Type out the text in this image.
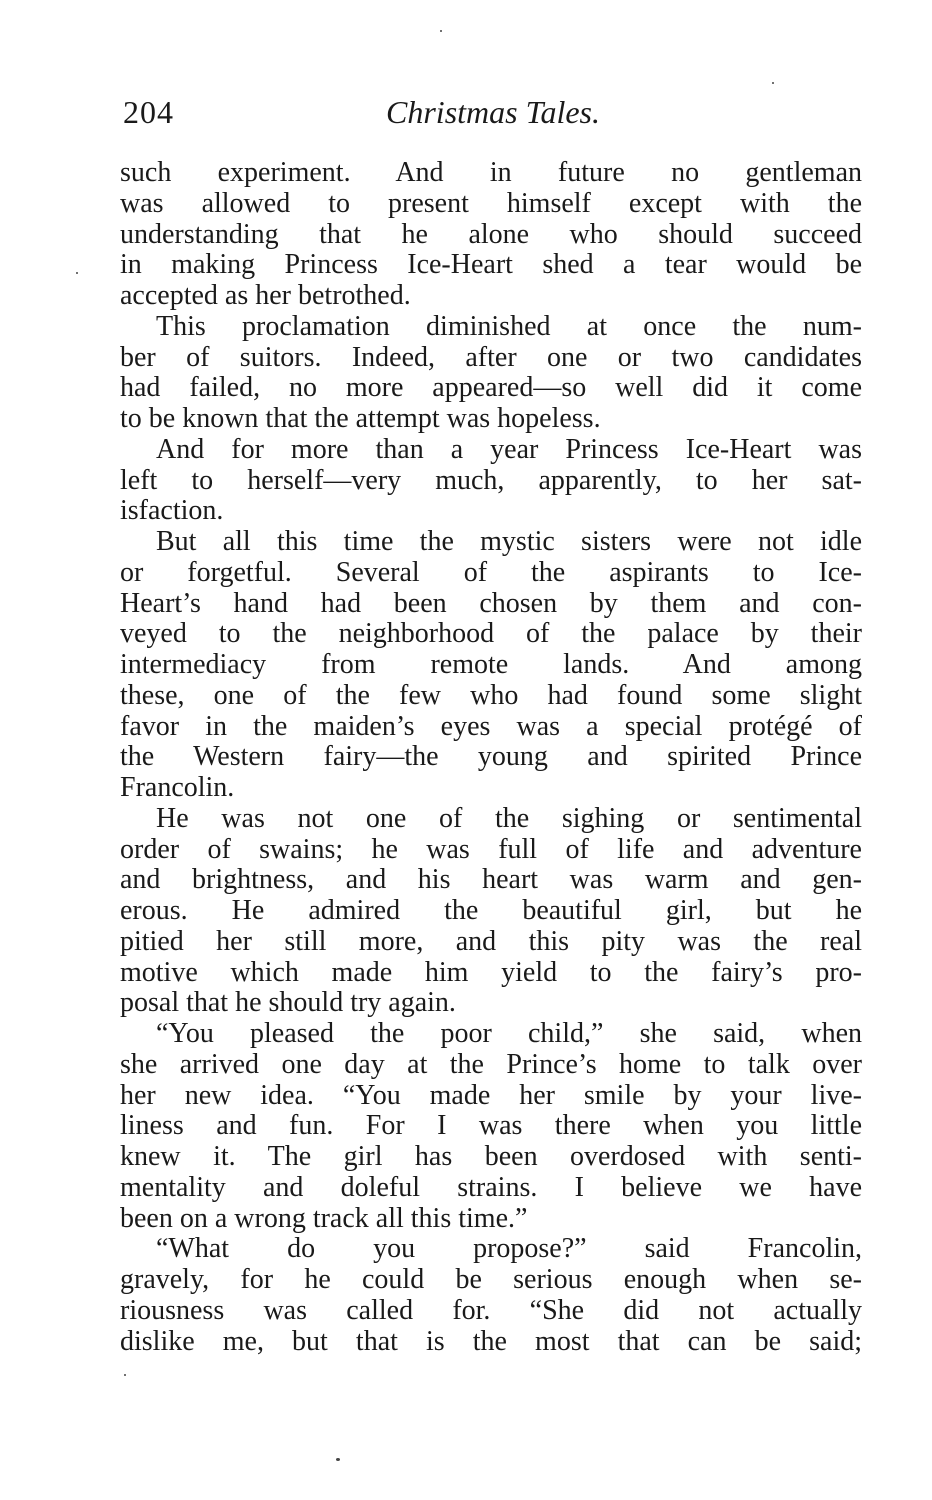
204	Christmas Tales.
such experiment. And in future no gentleman
was allowed to present himself except with the
understanding that he alone who should succeed
in making Princess Ice-Heart shed a tear would be
accepted as her betrothed.
This proclamation diminished at once the num-
ber of suitors. Indeed, after one or two candidates
had failed, no more appeared—so well did it come
to be known that the attempt was hopeless.
And for more than a year Princess Ice-Heart was
left to herself—very much, apparently, to her sat-
isfaction.
But all this time the mystic sisters were not idle
or forgetful. Several of the aspirants to Ice-
Heart’s hand had been chosen by them and con-
veyed to the neighborhood of the palace by their
intermediacy from remote lands. And among
these, one of the few who had found some slight
favor in the maiden’s eyes was a special protégé of
the Western fairy—the young and spirited Prince
Francolin.
He was not one of the sighing or sentimental
order of swains; he was full of life and adventure
and brightness, and his heart was warm and gen-
erous. He admired the beautiful girl, but he
pitied her still more, and this pity was the real
motive which made him yield to the fairy’s pro-
posal that he should try again.
“You pleased the poor child,” she said, when
she arrived one day at the Prince’s home to talk over
her new idea. “You made her smile by your live-
liness and fun. For I was there when you little
knew it. The girl has been overdosed with senti-
mentality and doleful strains. I believe we have
been on a wrong track all this time.”
“What do you propose?” said Francolin,
gravely, for he could be serious enough when se-
riousness was called for. “She did not actually
dislike me, but that is the most that can be said;
